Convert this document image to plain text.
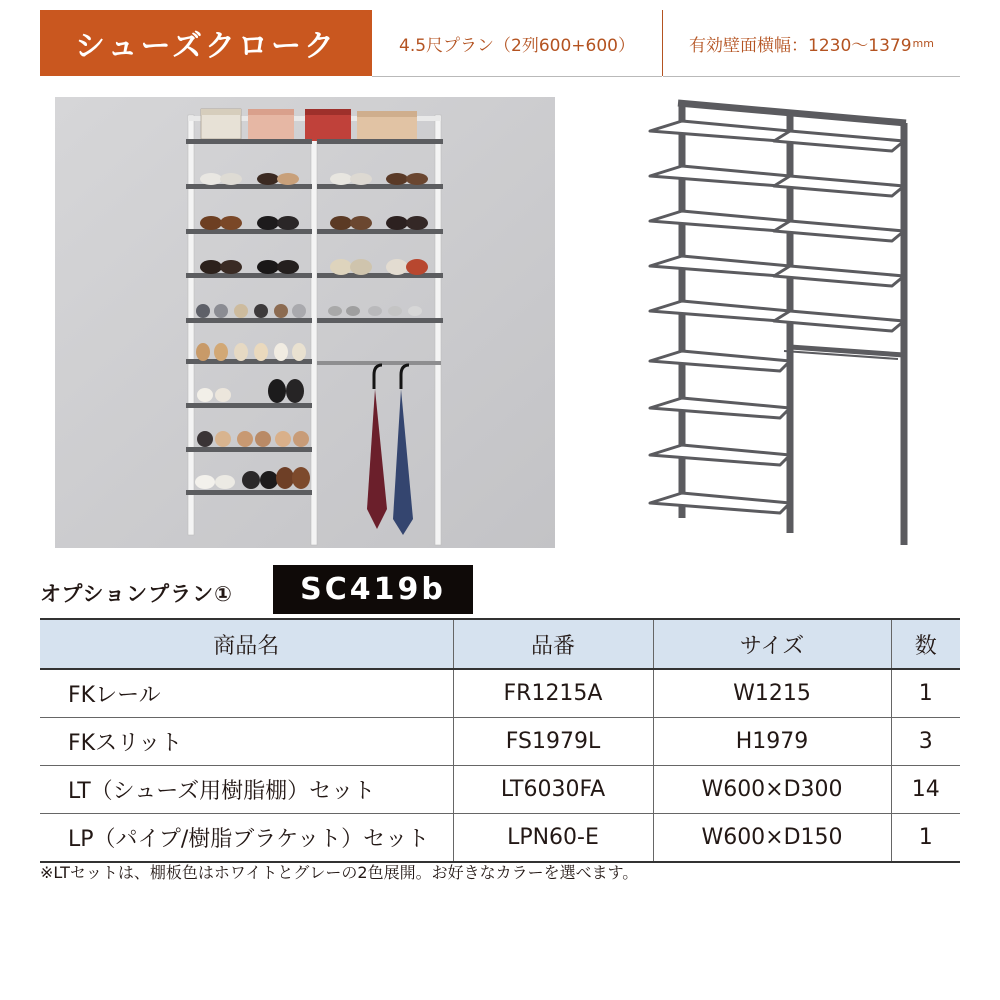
シューズクローク	4.5尺プラン（2列600+600）	有効壁面横幅：1230〜1379 mm
オプションプラン①	SC419b
商品名	品番	サイズ	数
FKレール	FR1215A	W1215	1
FKスリット	FS1979L	H1979	3
LT（シューズ用樹脂棚）セット	LT6030FA	W600×D300	14
LP（パイプ/樹脂ブラケット）セット	LPN60-E	W600×D150	1
※LTセットは、棚板色はホワイトとグレーの2色展開。お好きなカラーを選べます。
